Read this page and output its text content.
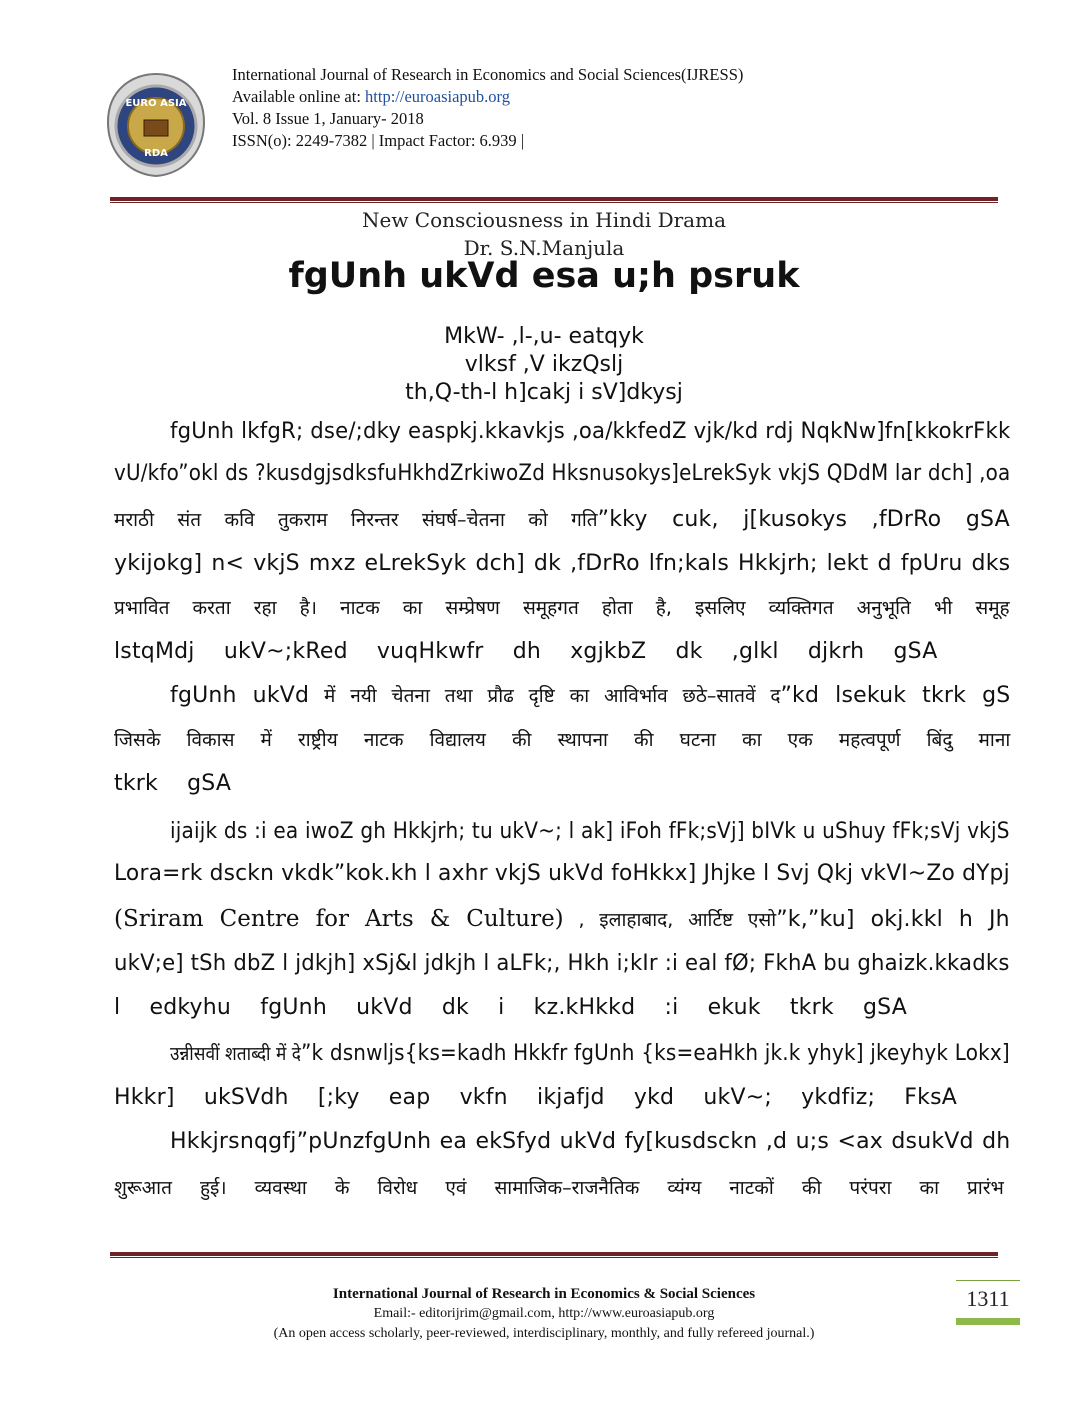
EURO ASIA
RDA
International Journal of Research in Economics and Social Sciences(IJRESS)
Available online at: http://euroasiapub.org
Vol. 8 Issue 1, January- 2018
ISSN(o): 2249-7382 | Impact Factor: 6.939 |
New Consciousness in Hindi Drama
Dr. S.N.Manjula
fgUnh ukVd esa u;h psruk
MkW- ,l-,u- eatqyk
vlksf ,V ikzQslj
th,Q-th-l h]cakj i sV]dkysj
fgUnh lkfgR; dse/;dky easpkj.kkavkjs ,oa/kkfedZ vjk/kd rdj NqkNw]fn[kkokrFkk
vU/kfo”okl ds ?kusdgjsdksfuHkhdZrkiwoZd Hksnusokys]eLrekSyk vkjS QDdM lar dch] ,oa
मराठी संत कवि तुकराम निरन्तर संघर्ष–चेतना को गति”kky cuk, j[kusokys ,fDrRo gSA
ykijokg] n< vkjS mxz eLrekSyk dch] dk ,fDrRo lfn;kals Hkkjrh; lekt d fpUru dks
प्रभावित करता रहा है। नाटक का सम्प्रेषण समूहगत होता है, इसलिए व्यक्तिगत अनुभूति भी समूह
lstqMdj ukV~;kRed vuqHkwfr dh xgjkbZ dk ,glkl djkrh gSA
fgUnh ukVd में नयी चेतना तथा प्रौढ दृष्टि का आविर्भाव छठे–सातवें द”kd lsekuk tkrk gS
जिसके विकास में राष्ट्रीय नाटक विद्यालय की स्थापना की घटना का एक महत्वपूर्ण बिंदु माना
tkrk gSA
ijaijk ds :i ea iwoZ gh Hkkjrh; tu ukV~; l ak] iFoh fFk;sVj] bIVk u uShuy fFk;sVj vkjS
Lora=rk dsckn vkdk”kok.kh l axhr vkjS ukVd foHkkx] Jhjke l Svj Qkj vkVI~Zo dYpj
(Sriram Centre for Arts & Culture) , इलाहाबाद, आर्टिष्ट एसो”k,”ku] okj.kkl h Jh
ukV;e] tSh dbZ l jdkjh] xSj&l jdkjh l aLFk;, Hkh i;kIr :i eal fØ; FkhA bu ghaizk.kkadks
l edkyhu fgUnh ukVd dk i kz.kHkkd :i ekuk tkrk gSA
उन्नीसवीं शताब्दी में दे”k dsnwljs{ks=kadh Hkkfr fgUnh {ks=eaHkh jk.k yhyk] jkeyhyk Lokx]
Hkkr] ukSVdh [;ky eap vkfn ikjafjd ykd ukV~; ykdfiz; FksA
Hkkjrsnqgfj”pUnzfgUnh ea ekSfyd ukVd fy[kusdsckn ,d u;s <ax dsukVd dh
शुरूआत हुई। व्यवस्था के विरोध एवं सामाजिक–राजनैतिक व्यंग्य नाटकों की परंपरा का प्रारंभ
International Journal of Research in Economics & Social Sciences
Email:- editorijrim@gmail.com, http://www.euroasiapub.org
(An open access scholarly, peer-reviewed, interdisciplinary, monthly, and fully refereed journal.)
1311
